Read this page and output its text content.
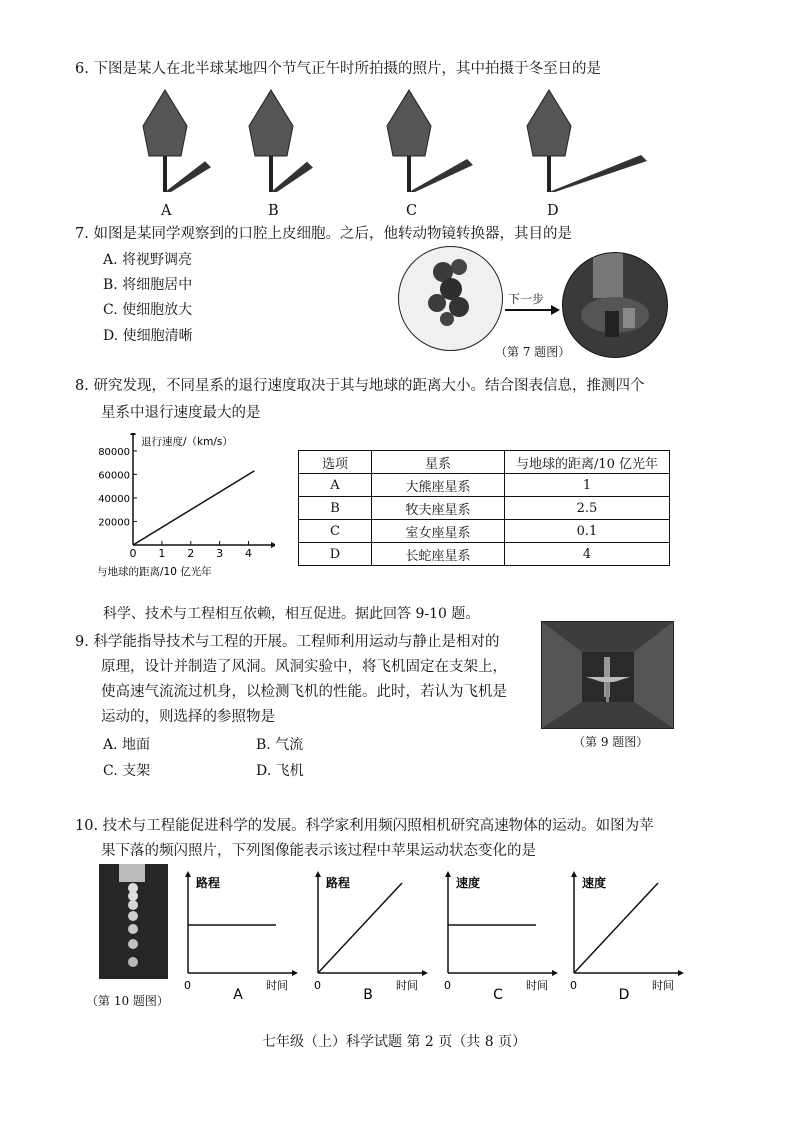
6. 下图是某人在北半球某地四个节气正午时所拍摄的照片，其中拍摄于冬至日的是
A	B	C	D
7. 如图是某同学观察到的口腔上皮细胞。之后，他转动物镜转换器，其目的是
A. 将视野调亮
B. 将细胞居中
C. 使细胞放大
D. 使细胞清晰
下一步
（第 7 题图）
8. 研究发现，不同星系的退行速度取决于其与地球的距离大小。结合图表信息，推测四个
星系中退行速度最大的是
0 1 2 3 4
20000
40000
60000
80000
退行速度/（km/s）
与地球的距离/10 亿光年
选项	星系	与地球的距离/10 亿光年
A	大熊座星系	1
B	牧夫座星系	2.5
C	室女座星系	0.1
D	长蛇座星系	4
科学、技术与工程相互依赖，相互促进。据此回答 9-10 题。
9. 科学能指导技术与工程的开展。工程师利用运动与静止是相对的
原理，设计并制造了风洞。风洞实验中，将飞机固定在支架上，
使高速气流流过机身，以检测飞机的性能。此时，若认为飞机是
运动的，则选择的参照物是
A. 地面	B. 气流
C. 支架	D. 飞机
（第 9 题图）
10. 技术与工程能促进科学的发展。科学家利用频闪照相机研究高速物体的运动。如图为苹
果下落的频闪照片，下列图像能表示该过程中苹果运动状态变化的是
（第 10 题图）
路程
0	时间
A
路程
0	时间
B
速度
0	时间
C
速度
0	时间
D
七年级（上）科学试题 第 2 页（共 8 页）
